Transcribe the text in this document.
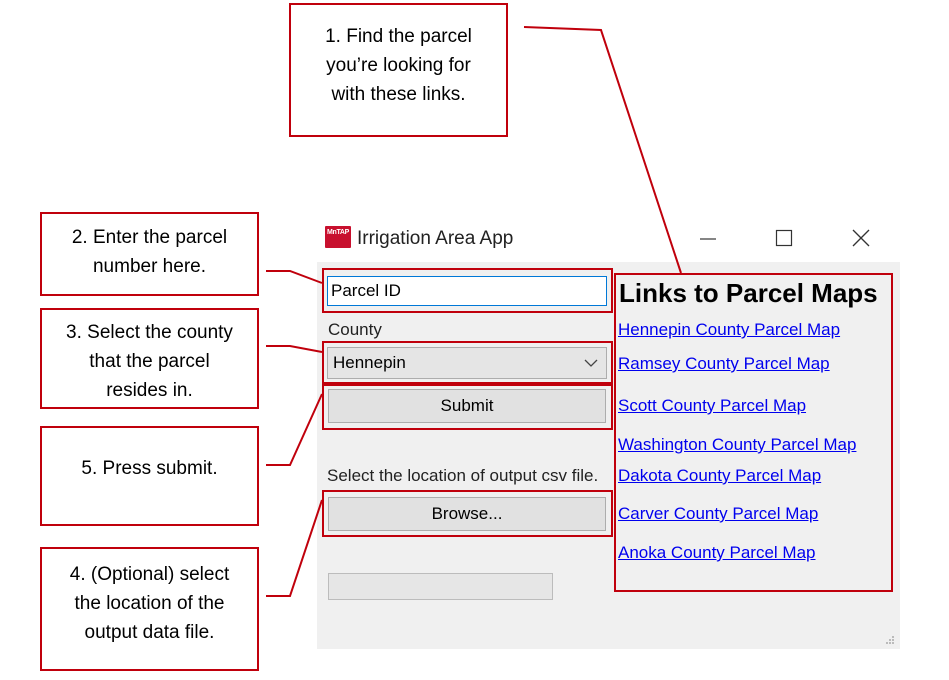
1. Find the parcel
you’re looking for
with these links.
2. Enter the parcel
number here.
3. Select the county
that the parcel
resides in.
5. Press submit.
4. (Optional) select
the location of the
output data file.
MnTAP Irrigation Area App
Parcel ID
County
Hennepin
Submit
Select the location of output csv file.
Browse...
Links to Parcel Maps
Hennepin County Parcel Map
Ramsey County Parcel Map
Scott County Parcel Map
Washington County Parcel Map
Dakota County Parcel Map
Carver County Parcel Map
Anoka County Parcel Map
